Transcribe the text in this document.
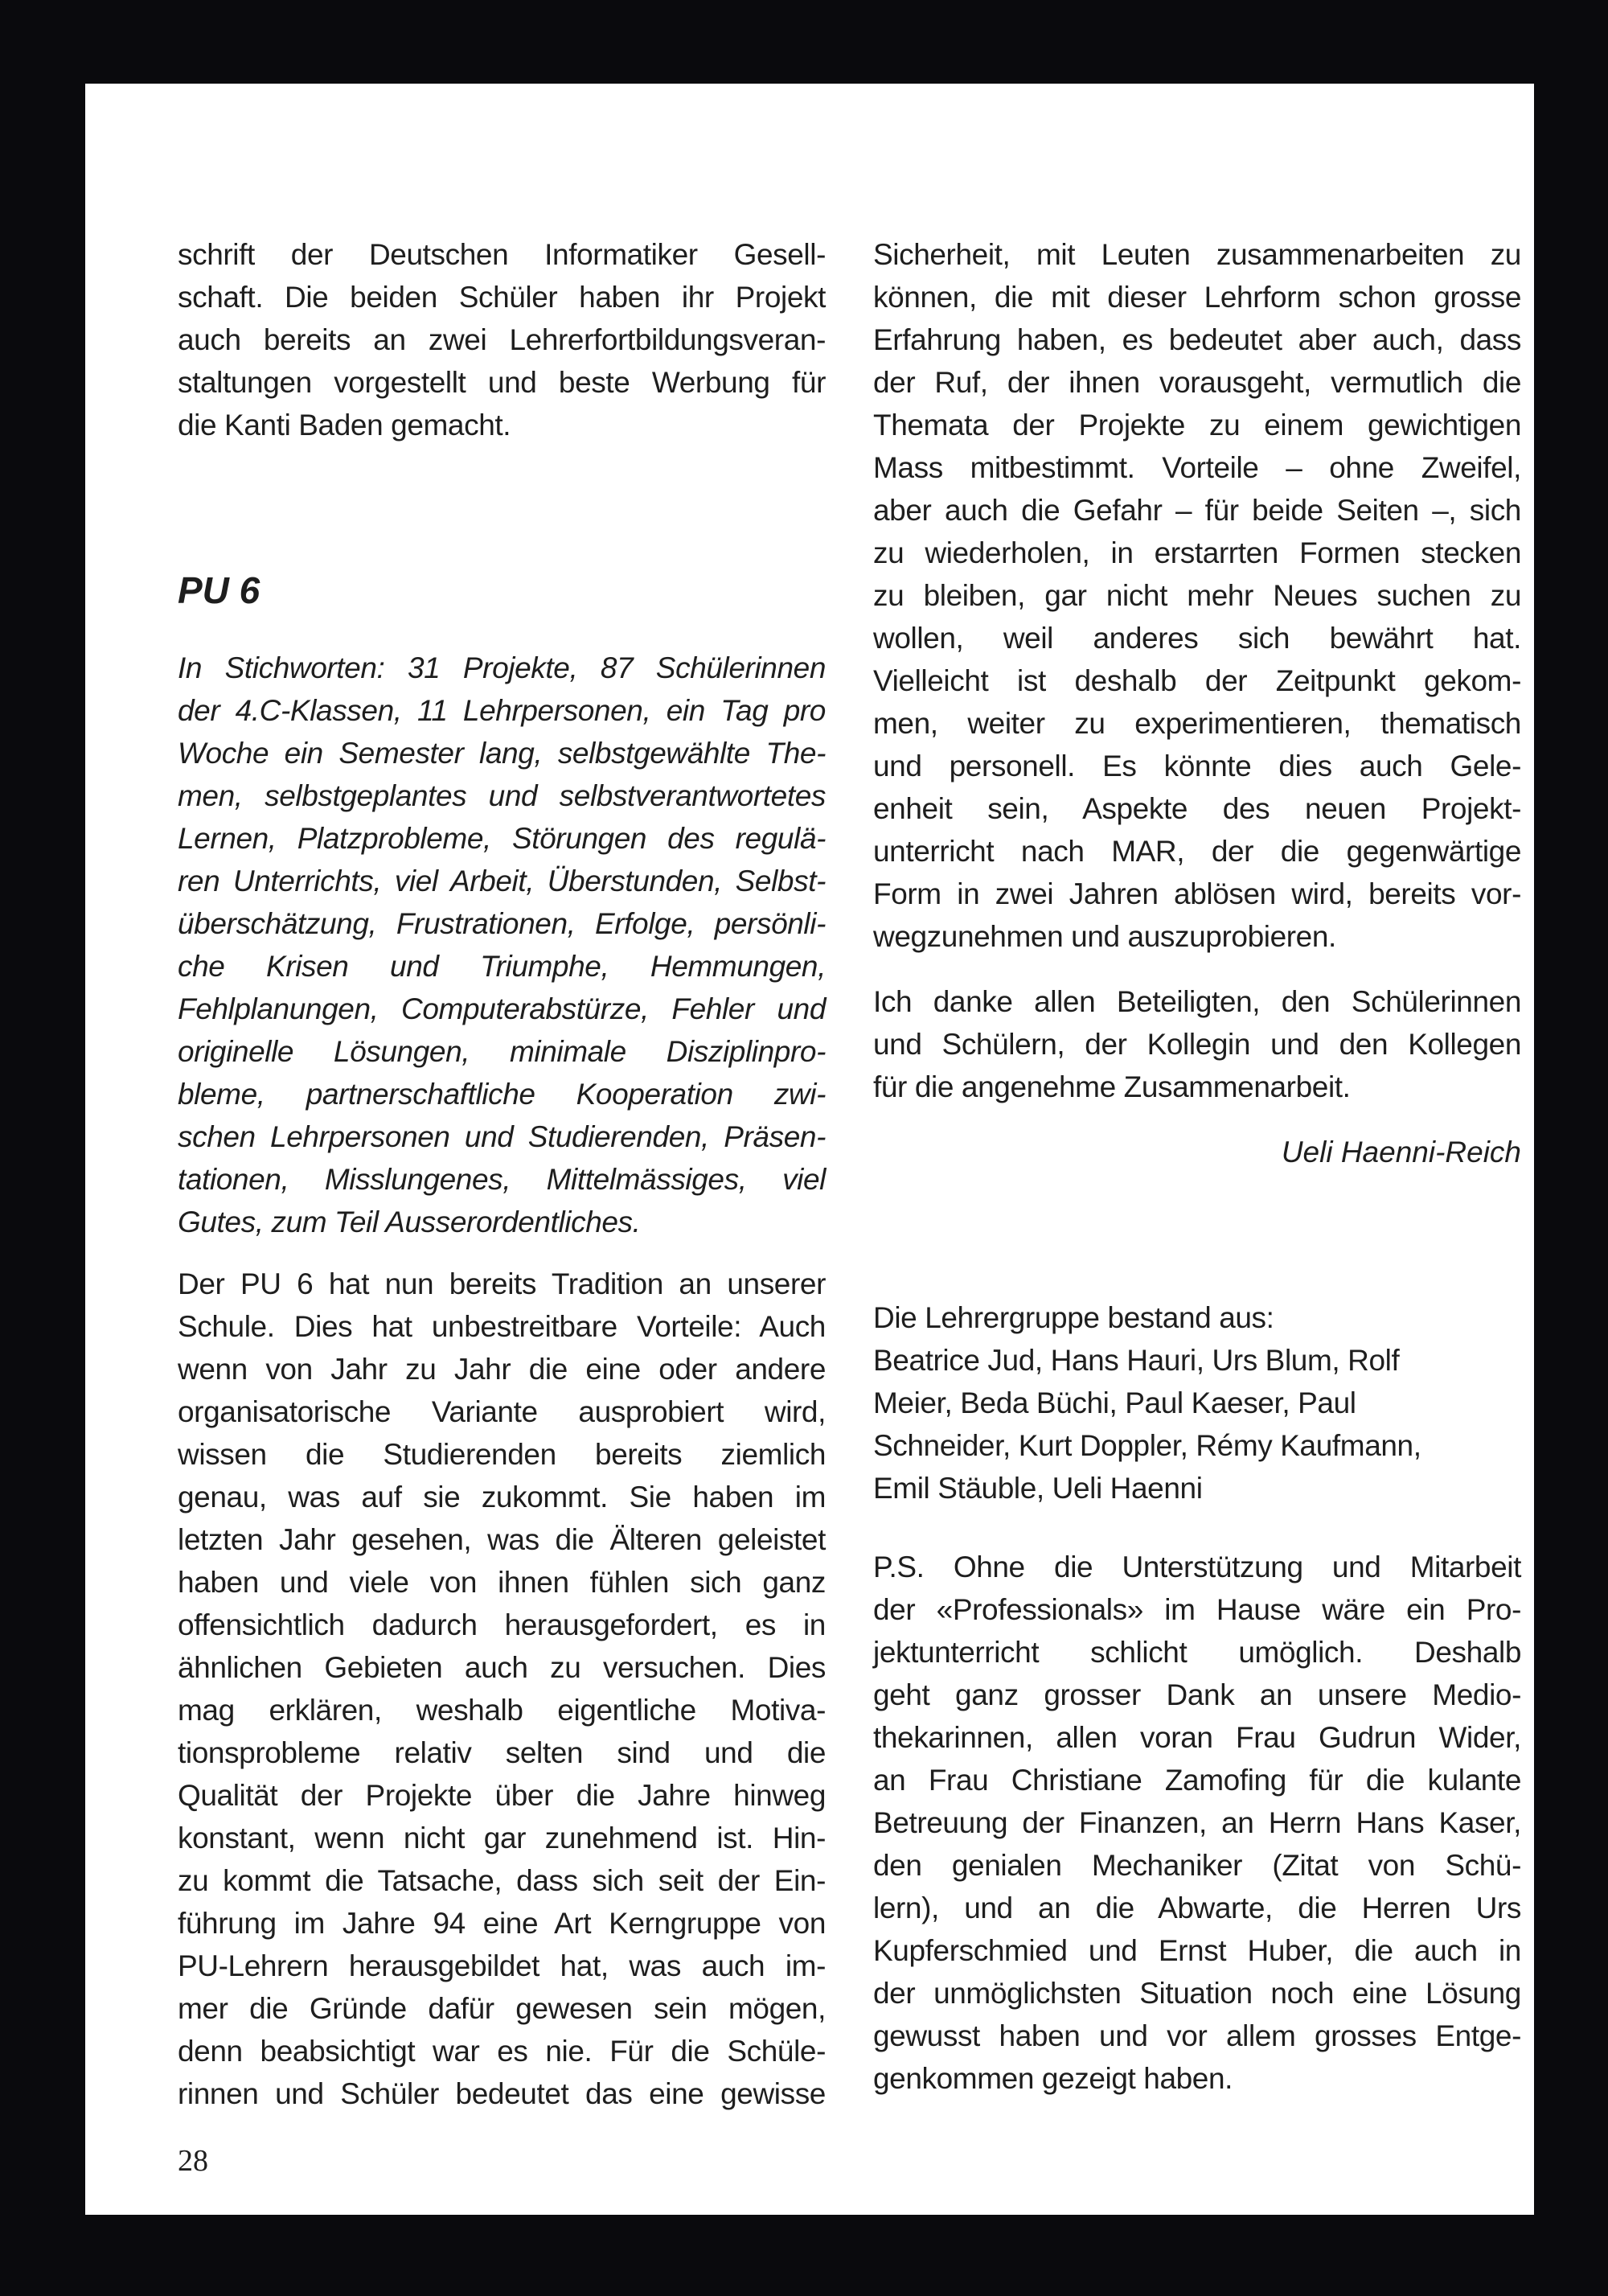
schrift der Deutschen Informatiker Gesell-
schaft. Die beiden Schüler haben ihr Projekt
auch bereits an zwei Lehrerfortbildungsveran-
staltungen vorgestellt und beste Werbung für
die Kanti Baden gemacht.
PU 6
In Stichworten: 31 Projekte, 87 Schülerinnen
der 4.C-Klassen, 11 Lehrpersonen, ein Tag pro
Woche ein Semester lang, selbstgewählte The-
men, selbstgeplantes und selbstverantwortetes
Lernen, Platzprobleme, Störungen des regulä-
ren Unterrichts, viel Arbeit, Überstunden, Selbst-
überschätzung, Frustrationen, Erfolge, persönli-
che Krisen und Triumphe, Hemmungen,
Fehlplanungen, Computerabstürze, Fehler und
originelle Lösungen, minimale Disziplinpro-
bleme, partnerschaftliche Kooperation zwi-
schen Lehrpersonen und Studierenden, Präsen-
tationen, Misslungenes, Mittelmässiges, viel
Gutes, zum Teil Ausserordentliches.
Der PU 6 hat nun bereits Tradition an unserer
Schule. Dies hat unbestreitbare Vorteile: Auch
wenn von Jahr zu Jahr die eine oder andere
organisatorische Variante ausprobiert wird,
wissen die Studierenden bereits ziemlich
genau, was auf sie zukommt. Sie haben im
letzten Jahr gesehen, was die Älteren geleistet
haben und viele von ihnen fühlen sich ganz
offensichtlich dadurch herausgefordert, es in
ähnlichen Gebieten auch zu versuchen. Dies
mag erklären, weshalb eigentliche Motiva-
tionsprobleme relativ selten sind und die
Qualität der Projekte über die Jahre hinweg
konstant, wenn nicht gar zunehmend ist. Hin-
zu kommt die Tatsache, dass sich seit der Ein-
führung im Jahre 94 eine Art Kerngruppe von
PU-Lehrern herausgebildet hat, was auch im-
mer die Gründe dafür gewesen sein mögen,
denn beabsichtigt war es nie. Für die Schüle-
rinnen und Schüler bedeutet das eine gewisse
Sicherheit, mit Leuten zusammenarbeiten zu
können, die mit dieser Lehrform schon grosse
Erfahrung haben, es bedeutet aber auch, dass
der Ruf, der ihnen vorausgeht, vermutlich die
Themata der Projekte zu einem gewichtigen
Mass mitbestimmt. Vorteile – ohne Zweifel,
aber auch die Gefahr – für beide Seiten –, sich
zu wiederholen, in erstarrten Formen stecken
zu bleiben, gar nicht mehr Neues suchen zu
wollen, weil anderes sich bewährt hat.
Vielleicht ist deshalb der Zeitpunkt gekom-
men, weiter zu experimentieren, thematisch
und personell. Es könnte dies auch Gele-
enheit sein, Aspekte des neuen Projekt-
unterricht nach MAR, der die gegenwärtige
Form in zwei Jahren ablösen wird, bereits vor-
wegzunehmen und auszuprobieren.
Ich danke allen Beteiligten, den Schülerinnen
und Schülern, der Kollegin und den Kollegen
für die angenehme Zusammenarbeit.
Ueli Haenni-Reich
Die Lehrergruppe bestand aus:
Beatrice Jud, Hans Hauri, Urs Blum, Rolf
Meier, Beda Büchi, Paul Kaeser, Paul
Schneider, Kurt Doppler, Rémy Kaufmann,
Emil Stäuble, Ueli Haenni
P.S. Ohne die Unterstützung und Mitarbeit
der «Professionals» im Hause wäre ein Pro-
jektunterricht schlicht umöglich. Deshalb
geht ganz grosser Dank an unsere Medio-
thekarinnen, allen voran Frau Gudrun Wider,
an Frau Christiane Zamofing für die kulante
Betreuung der Finanzen, an Herrn Hans Kaser,
den genialen Mechaniker (Zitat von Schü-
lern), und an die Abwarte, die Herren Urs
Kupferschmied und Ernst Huber, die auch in
der unmöglichsten Situation noch eine Lösung
gewusst haben und vor allem grosses Entge-
genkommen gezeigt haben.
28
